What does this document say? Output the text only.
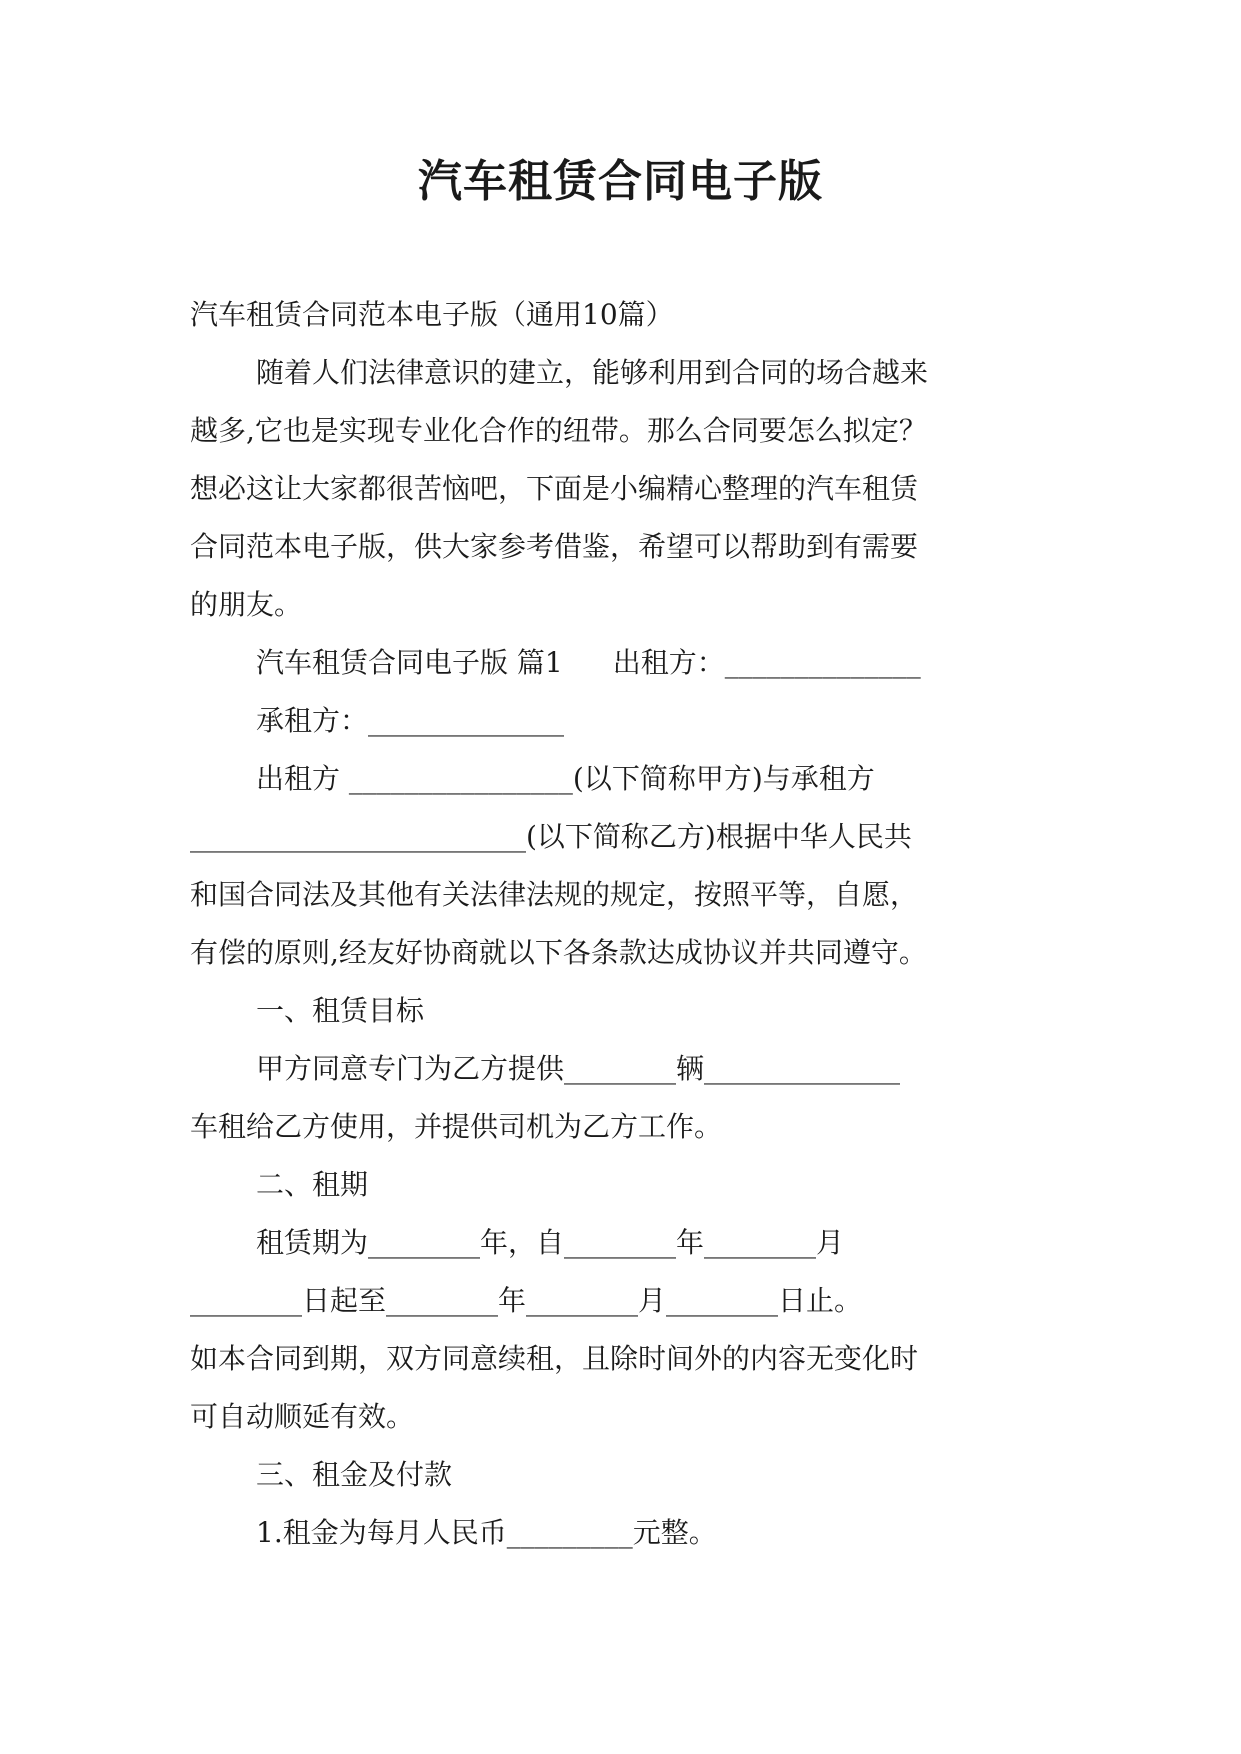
汽车租赁合同电子版
汽车租赁合同范本电子版（通用10篇）
随着人们法律意识的建立，能够利用到合同的场合越来
越多,它也是实现专业化合作的纽带。那么合同要怎么拟定？
想必这让大家都很苦恼吧，下面是小编精心整理的汽车租赁
合同范本电子版，供大家参考借鉴，希望可以帮助到有需要
的朋友。
汽车租赁合同电子版 篇1 出租方：______________
承租方：______________
出租方 ________________(以下简称甲方)与承租方
________________________(以下简称乙方)根据中华人民共
和国合同法及其他有关法律法规的规定，按照平等，自愿，
有偿的原则,经友好协商就以下各条款达成协议并共同遵守。
一、租赁目标
甲方同意专门为乙方提供________辆______________
车租给乙方使用，并提供司机为乙方工作。
二、租期
租赁期为________年，自________年________月
________日起至________年________月________日止。
如本合同到期，双方同意续租，且除时间外的内容无变化时
可自动顺延有效。
三、租金及付款
1.租金为每月人民币_________元整。
